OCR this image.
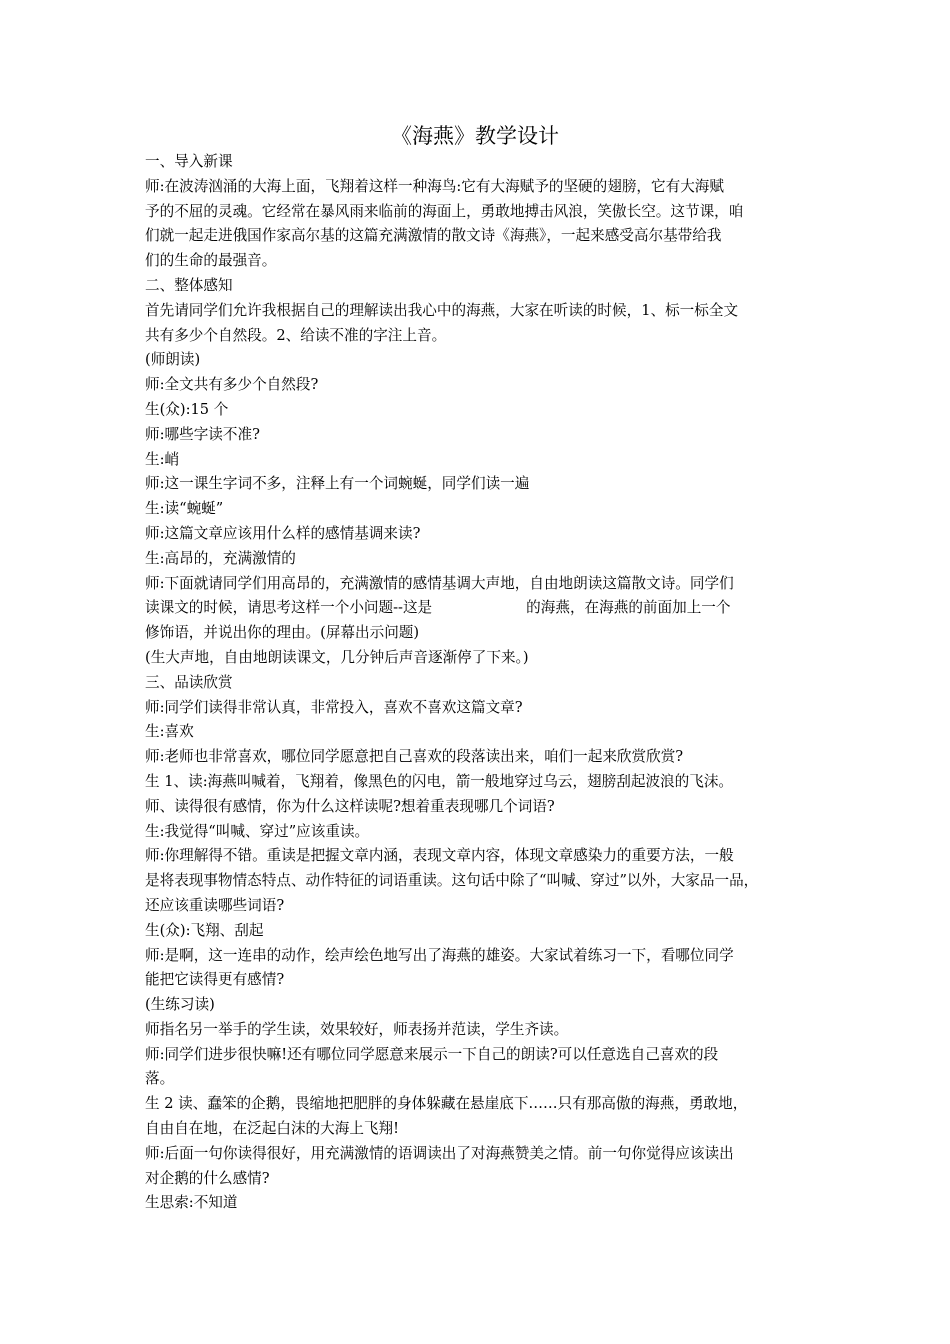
《海燕》教学设计

一、导入新课

师:在波涛汹涌的大海上面，飞翔着这样一种海鸟:它有大海赋予的坚硬的翅膀，它有大海赋

予的不屈的灵魂。它经常在暴风雨来临前的海面上，勇敢地搏击风浪，笑傲长空。这节课，咱

们就一起走进俄国作家高尔基的这篇充满激情的散文诗《海燕》，一起来感受高尔基带给我

们的生命的最强音。

二、整体感知

首先请同学们允许我根据自己的理解读出我心中的海燕，大家在听读的时候，1、标一标全文

共有多少个自然段。2、给读不准的字注上音。

(师朗读)

师:全文共有多少个自然段?

生(众):15 个

师:哪些字读不准?

生:峭

师:这一课生字词不多，注释上有一个词蜿蜒，同学们读一遍

生:读“蜿蜒”

师:这篇文章应该用什么样的感情基调来读?

生:高昂的，充满激情的

师:下面就请同学们用高昂的，充满激情的感情基调大声地，自由地朗读这篇散文诗。同学们

读课文的时候，请思考这样一个小问题--这是	的海燕，在海燕的前面加上一个

修饰语，并说出你的理由。(屏幕出示问题)

(生大声地，自由地朗读课文，几分钟后声音逐渐停了下来。)

三、品读欣赏

师:同学们读得非常认真，非常投入，喜欢不喜欢这篇文章?

生:喜欢

师:老师也非常喜欢，哪位同学愿意把自己喜欢的段落读出来，咱们一起来欣赏欣赏?

生 1、读:海燕叫喊着，飞翔着，像黑色的闪电，箭一般地穿过乌云，翅膀刮起波浪的飞沫。

师、读得很有感情，你为什么这样读呢?想着重表现哪几个词语?

生:我觉得“叫喊、穿过”应该重读。

师:你理解得不错。重读是把握文章内涵，表现文章内容，体现文章感染力的重要方法，一般

是将表现事物情态特点、动作特征的词语重读。这句话中除了“叫喊、穿过”以外，大家品一品，

还应该重读哪些词语?

生(众):飞翔、刮起

师:是啊，这一连串的动作，绘声绘色地写出了海燕的雄姿。大家试着练习一下，看哪位同学

能把它读得更有感情?

(生练习读)

师指名另一举手的学生读，效果较好，师表扬并范读，学生齐读。

师:同学们进步很快嘛!还有哪位同学愿意来展示一下自己的朗读?可以任意选自己喜欢的段

落。

生 2 读、蠢笨的企鹅，畏缩地把肥胖的身体躲藏在悬崖底下……只有那高傲的海燕，勇敢地，

自由自在地，在泛起白沫的大海上飞翔!

师:后面一句你读得很好，用充满激情的语调读出了对海燕赞美之情。前一句你觉得应该读出

对企鹅的什么感情?

生思索:不知道
